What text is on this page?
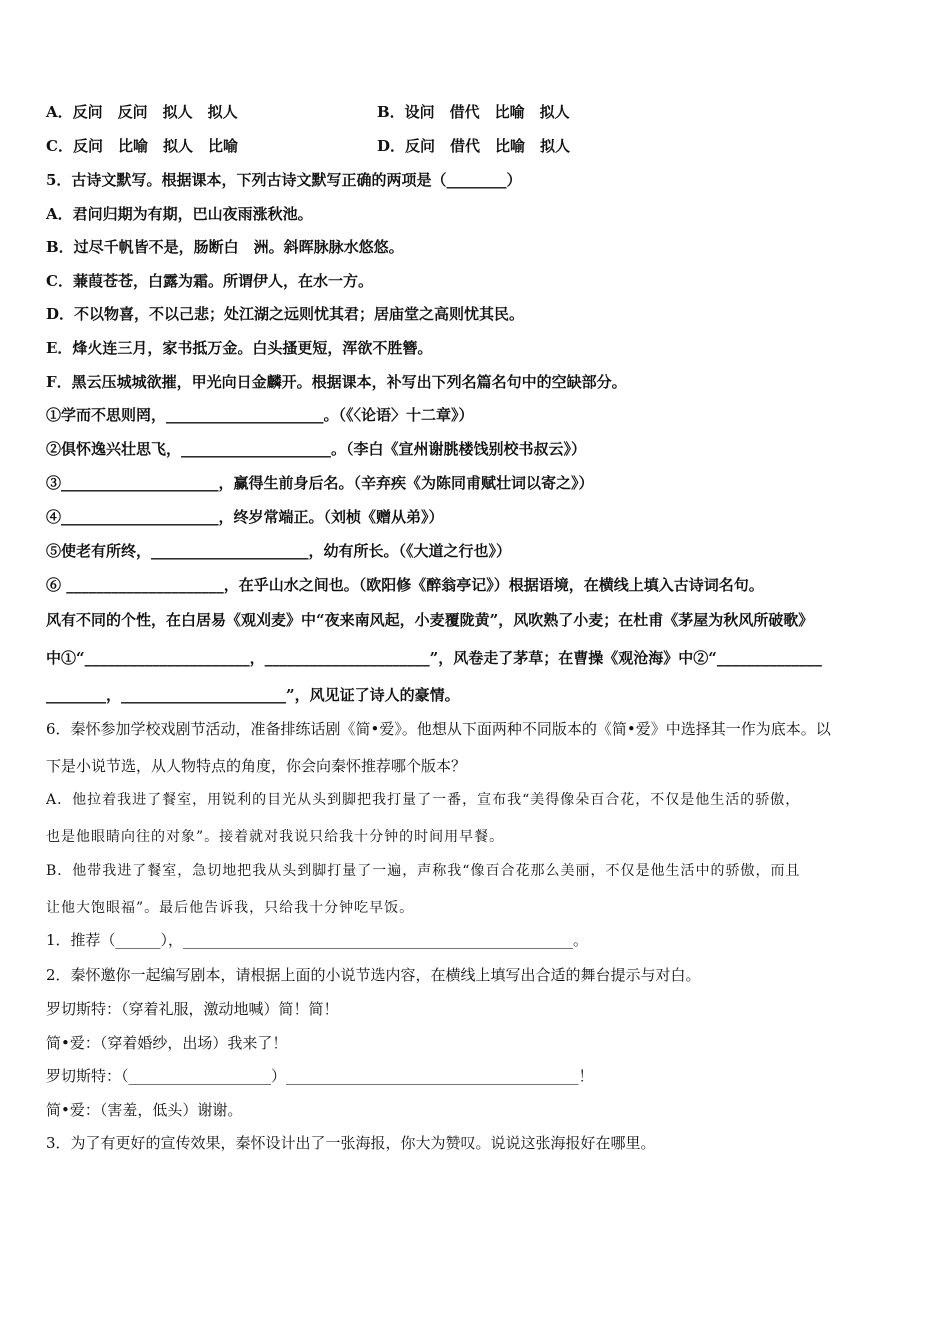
A．反问　反问　拟人　拟人	B．设问　借代　比喻　拟人
C．反问　比喻　拟人　比喻	D．反问　借代　比喻　拟人
5．古诗文默写。根据课本，下列古诗文默写正确的两项是（________）
A．君问归期为有期，巴山夜雨涨秋池。
B．过尽千帆皆不是，肠断白　洲。斜晖脉脉水悠悠。
C．蒹葭苍苍，白露为霜。所谓伊人，在水一方。
D．不以物喜，不以己悲；处江湖之远则忧其君；居庙堂之高则忧其民。
E．烽火连三月，家书抵万金。白头搔更短，浑欲不胜簪。
F．黑云压城城欲摧，甲光向日金麟开。根据课本，补写出下列名篇名句中的空缺部分。
①学而不思则罔，_____________________。（《〈论语〉十二章》）
②俱怀逸兴壮思飞，____________________。（李白《宣州谢朓楼饯别校书叔云》）
③_____________________，赢得生前身后名。（辛弃疾《为陈同甫赋壮词以寄之》）
④_____________________，终岁常端正。（刘桢《赠从弟》）
⑤使老有所终，_____________________，幼有所长。（《大道之行也》）
⑥ _____________________，在乎山水之间也。（欧阳修《醉翁亭记》）根据语境，在横线上填入古诗词名句。
风有不同的个性，在白居易《观刈麦》中“夜来南风起，小麦覆陇黄”，风吹熟了小麦；在杜甫《茅屋为秋风所破歌》
中①“______________________，______________________”，风卷走了茅草；在曹操《观沧海》中②“______________
________，______________________”，风见证了诗人的豪情。
6．秦怀参加学校戏剧节活动，准备排练话剧《简•爱》。他想从下面两种不同版本的《简•爱》中选择其一作为底本。以
下是小说节选，从人物特点的角度，你会向秦怀推荐哪个版本？
A．他拉着我进了餐室，用锐利的目光从头到脚把我打量了一番，宣布我“美得像朵百合花，不仅是他生活的骄傲，
也是他眼睛向往的对象”。接着就对我说只给我十分钟的时间用早餐。
B．他带我进了餐室，急切地把我从头到脚打量了一遍，声称我“像百合花那么美丽，不仅是他生活中的骄傲，而且
让他大饱眼福”。最后他告诉我，只给我十分钟吃早饭。
1．推荐（______），____________________________________________________。
2．秦怀邀你一起编写剧本，请根据上面的小说节选内容，在横线上填写出合适的舞台提示与对白。
罗切斯特：（穿着礼服，激动地喊）简！简！
简•爱：（穿着婚纱，出场）我来了！
罗切斯特：（___________________）_______________________________________！
简•爱：（害羞，低头）谢谢。
3．为了有更好的宣传效果，秦怀设计出了一张海报，你大为赞叹。说说这张海报好在哪里。
